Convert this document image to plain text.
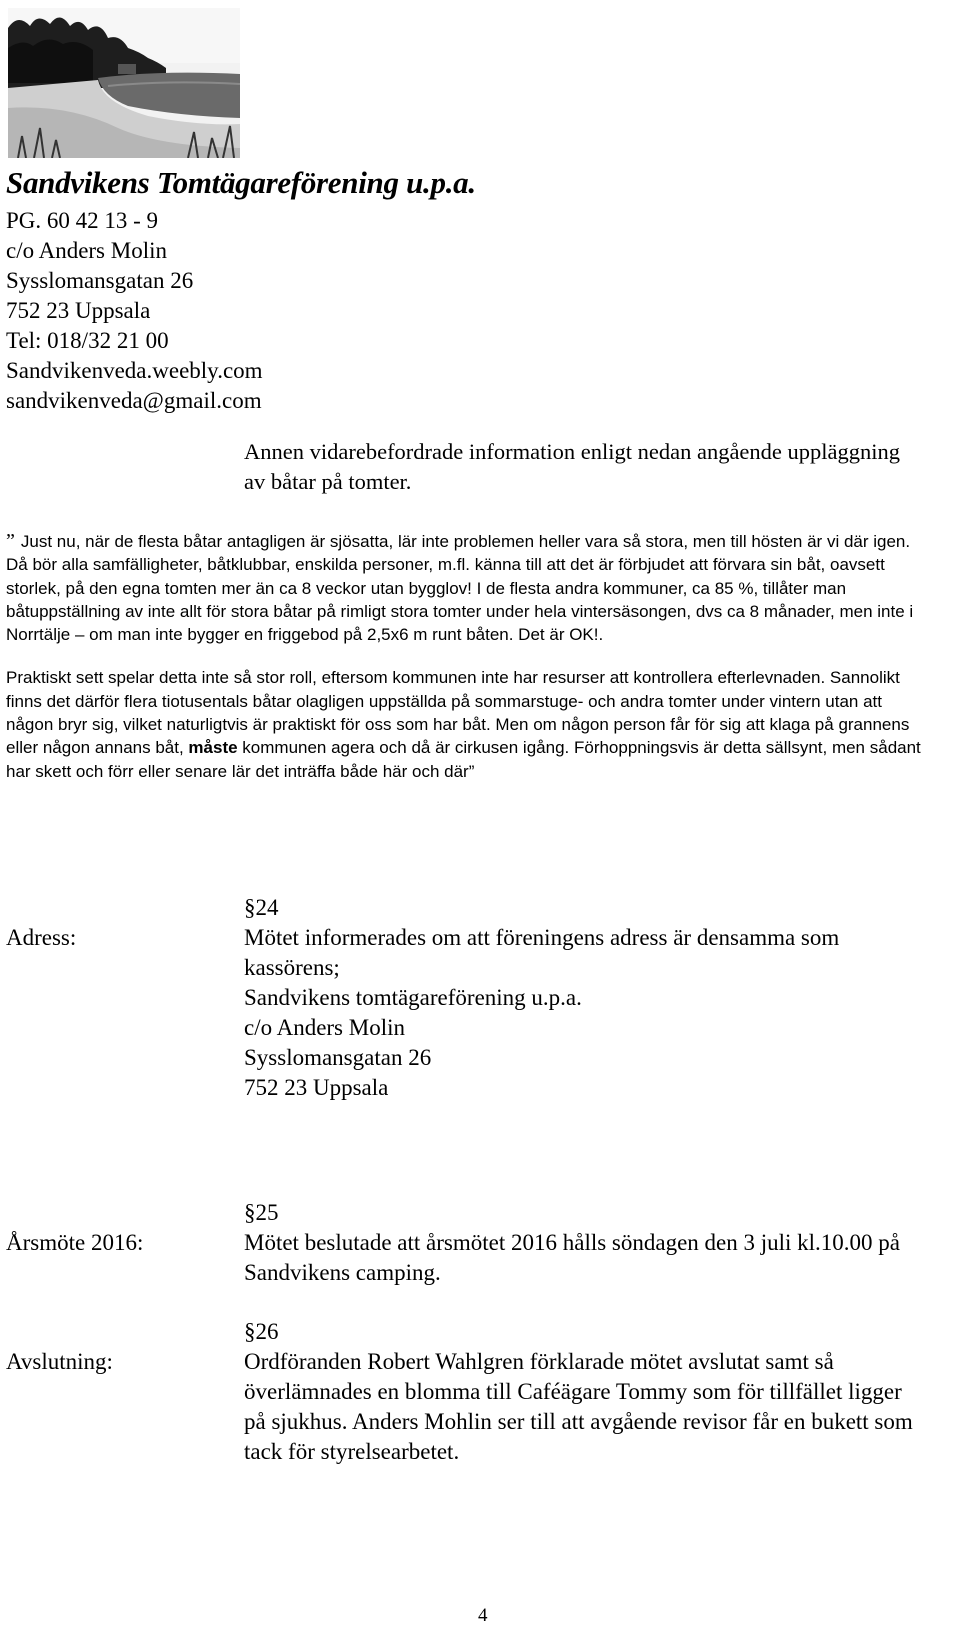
Sandvikens Tomtägareförening u.p.a.
PG. 60 42 13 - 9
c/o Anders Molin
Sysslomansgatan 26
752 23 Uppsala
Tel: 018/32 21 00
Sandvikenveda.weebly.com
sandvikenveda@gmail.com
Annen vidarebefordrade information enligt nedan angående uppläggning av båtar på tomter.

” Just nu, när de flesta båtar antagligen är sjösatta, lär inte problemen heller vara så stora, men till hösten är vi där igen. Då bör alla samfälligheter, båtklubbar, enskilda personer, m.fl. känna till att det är förbjudet att förvara sin båt, oavsett storlek, på den egna tomten mer än ca 8 veckor utan bygglov! I de flesta andra kommuner, ca 85 %, tillåter man båtuppställning av inte allt för stora båtar på rimligt stora tomter under hela vintersäsongen, dvs ca 8 månader, men inte i Norrtälje – om man inte bygger en friggebod på 2,5x6 m runt båten. Det är OK!.

Praktiskt sett spelar detta inte så stor roll, eftersom kommunen inte har resurser att kontrollera efterlevnaden. Sannolikt finns det därför flera tiotusentals båtar olagligen uppställda på sommarstuge- och andra tomter under vintern utan att någon bryr sig, vilket naturligtvis är praktiskt för oss som har båt. Men om någon person får för sig att klaga på grannens eller någon annans båt, måste kommunen agera och då är cirkusen igång. Förhoppningsvis är detta sällsynt, men sådant har skett och förr eller senare lär det inträffa både här och där”

Adress:
§24
Mötet informerades om att föreningens adress är densamma som kassörens;
Sandvikens tomtägareförening u.p.a.
c/o Anders Molin
Sysslomansgatan 26
752 23 Uppsala
Årsmöte 2016:
§25
Mötet beslutade att årsmötet 2016 hålls söndagen den 3 juli kl.10.00 på Sandvikens camping.
Avslutning:
§26
Ordföranden Robert Wahlgren förklarade mötet avslutat samt så överlämnades en blomma till Caféägare Tommy som för tillfället ligger på sjukhus. Anders Mohlin ser till att avgående revisor får en bukett som tack för styrelsearbetet.
4
